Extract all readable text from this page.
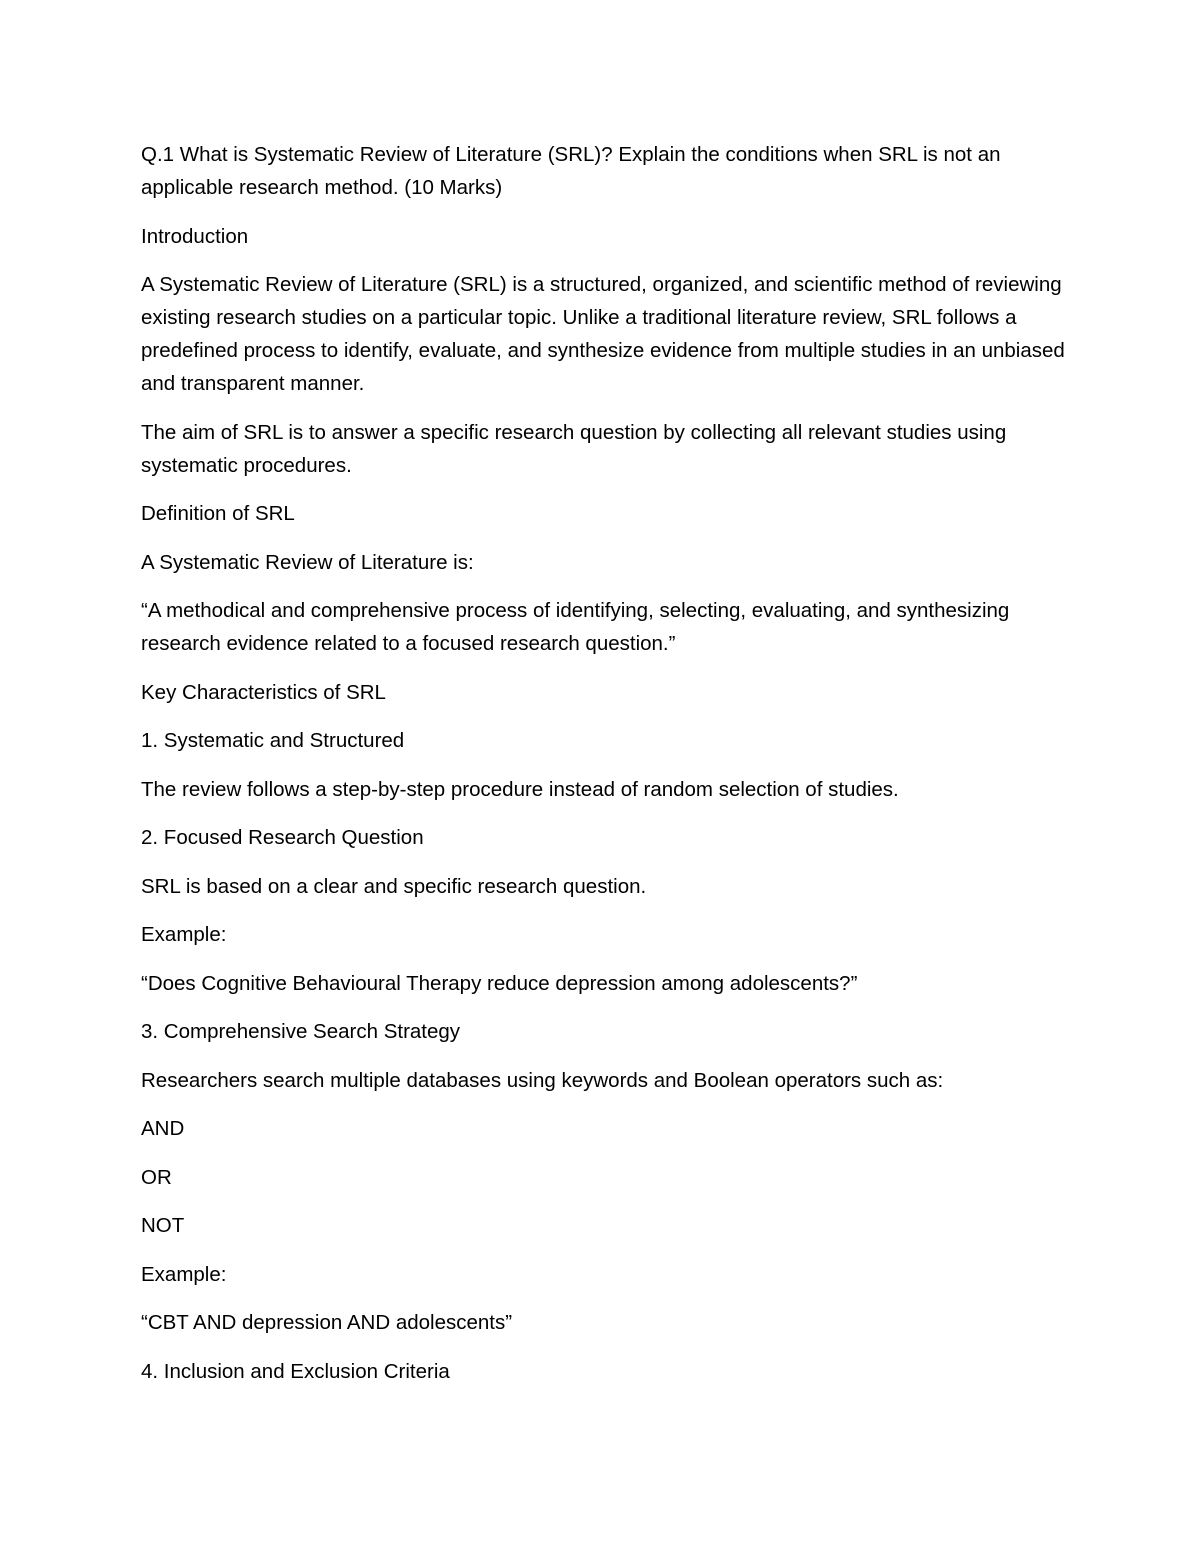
Q.1 What is Systematic Review of Literature (SRL)? Explain the conditions when SRL is not an applicable research method. (10 Marks)

Introduction

A Systematic Review of Literature (SRL) is a structured, organized, and scientific method of reviewing existing research studies on a particular topic. Unlike a traditional literature review, SRL follows a predefined process to identify, evaluate, and synthesize evidence from multiple studies in an unbiased and transparent manner.

The aim of SRL is to answer a specific research question by collecting all relevant studies using systematic procedures.

Definition of SRL

A Systematic Review of Literature is:

“A methodical and comprehensive process of identifying, selecting, evaluating, and synthesizing research evidence related to a focused research question.”

Key Characteristics of SRL

1. Systematic and Structured

The review follows a step-by-step procedure instead of random selection of studies.

2. Focused Research Question

SRL is based on a clear and specific research question.

Example:

“Does Cognitive Behavioural Therapy reduce depression among adolescents?”

3. Comprehensive Search Strategy

Researchers search multiple databases using keywords and Boolean operators such as:

AND

OR

NOT

Example:

“CBT AND depression AND adolescents”

4. Inclusion and Exclusion Criteria
